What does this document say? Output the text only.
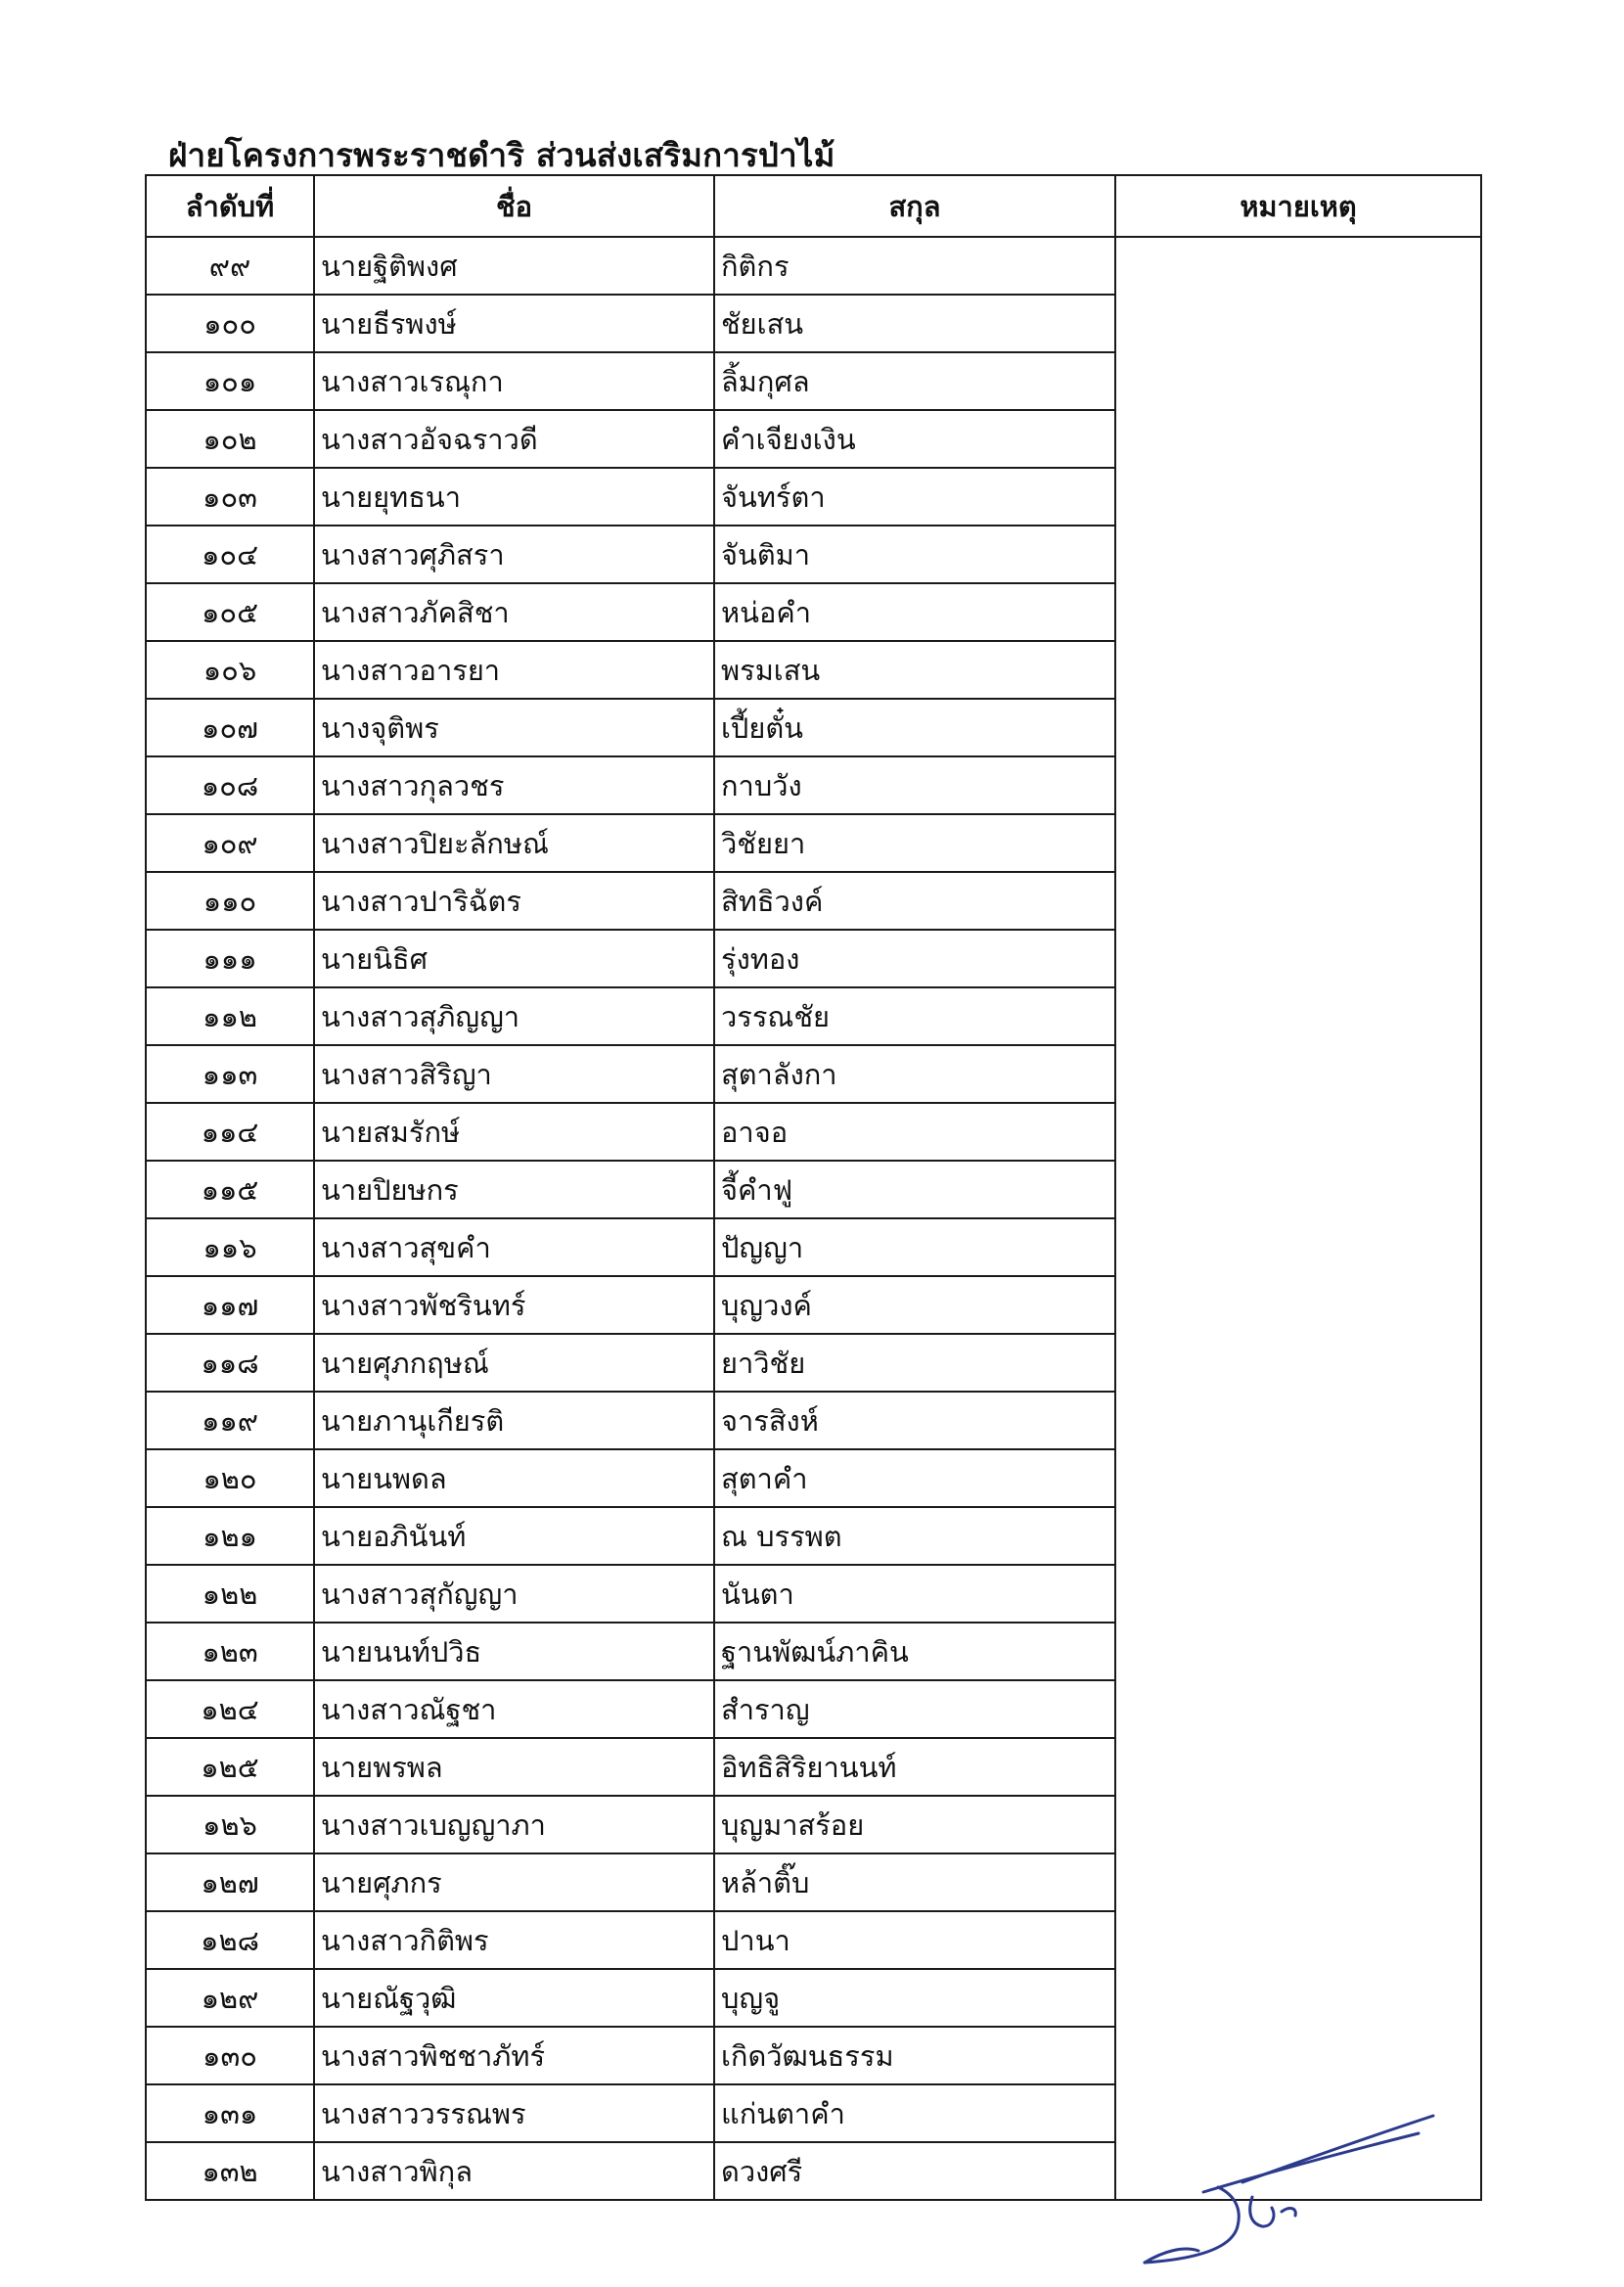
ฝ่ายโครงการพระราชดำริ ส่วนส่งเสริมการป่าไม้
ลำดับที่	ชื่อ	สกุล	หมายเหตุ
๙๙	นายฐิติพงศ	กิติกร	
๑๐๐	นายธีรพงษ์	ชัยเสน	
๑๐๑	นางสาวเรณุกา	ลิ้มกุศล	
๑๐๒	นางสาวอัจฉราวดี	คำเจียงเงิน	
๑๐๓	นายยุทธนา	จันทร์ตา	
๑๐๔	นางสาวศุภิสรา	จันติมา	
๑๐๕	นางสาวภัคสิชา	หน่อคำ	
๑๐๖	นางสาวอารยา	พรมเสน	
๑๐๗	นางจุติพร	เปี้ยตั๋น	
๑๐๘	นางสาวกุลวชร	กาบวัง	
๑๐๙	นางสาวปิยะลักษณ์	วิชัยยา	
๑๑๐	นางสาวปาริฉัตร	สิทธิวงค์	
๑๑๑	นายนิธิศ	รุ่งทอง	
๑๑๒	นางสาวสุภิญญา	วรรณชัย	
๑๑๓	นางสาวสิริญา	สุตาลังกา	
๑๑๔	นายสมรักษ์	อาจอ	
๑๑๕	นายปิยษกร	จี้คำฟู	
๑๑๖	นางสาวสุขคำ	ปัญญา	
๑๑๗	นางสาวพัชรินทร์	บุญวงค์	
๑๑๘	นายศุภกฤษณ์	ยาวิชัย	
๑๑๙	นายภานุเกียรติ	จารสิงห์	
๑๒๐	นายนพดล	สุตาคำ	
๑๒๑	นายอภินันท์	ณ บรรพต	
๑๒๒	นางสาวสุกัญญา	นันตา	
๑๒๓	นายนนท์ปวิธ	ฐานพัฒน์ภาคิน	
๑๒๔	นางสาวณัฐชา	สำราญ	
๑๒๕	นายพรพล	อิทธิสิริยานนท์	
๑๒๖	นางสาวเบญญาภา	บุญมาสร้อย	
๑๒๗	นายศุภกร	หล้าติ๊บ	
๑๒๘	นางสาวกิติพร	ปานา	
๑๒๙	นายณัฐวุฒิ	บุญจู	
๑๓๐	นางสาวพิชชาภัทร์	เกิดวัฒนธรรม	
๑๓๑	นางสาววรรณพร	แก่นตาคำ	
๑๓๒	นางสาวพิกุล	ดวงศรี	
